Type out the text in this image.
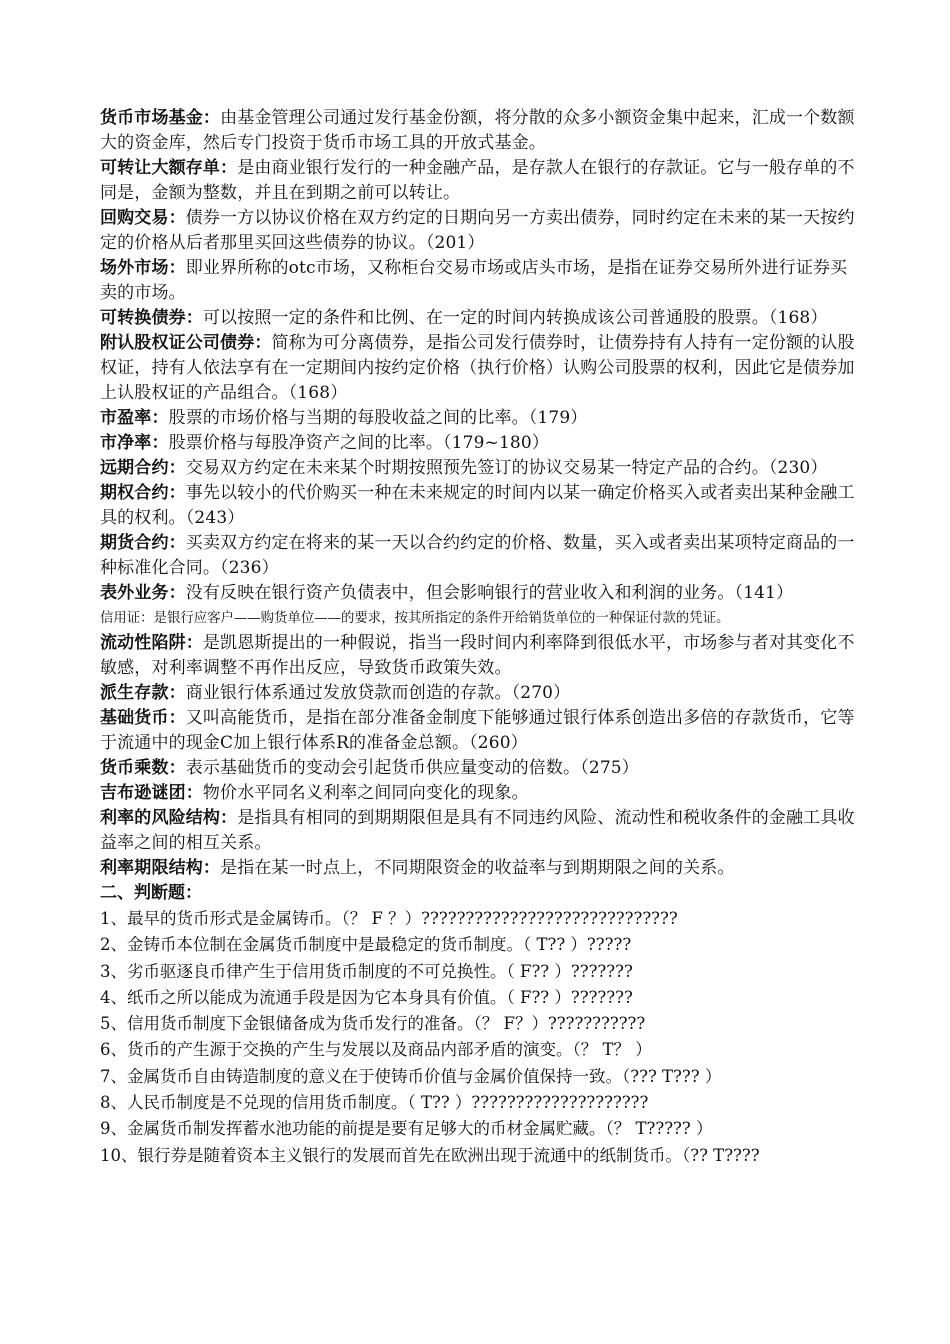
货币市场基金：由基金管理公司通过发行基金份额，将分散的众多小额资金集中起来，汇成一个数额大的资金库，然后专门投资于货币市场工具的开放式基金。

可转让大额存单：是由商业银行发行的一种金融产品，是存款人在银行的存款证。它与一般存单的不同是，金额为整数，并且在到期之前可以转让。

回购交易：债券一方以协议价格在双方约定的日期向另一方卖出债券，同时约定在未来的某一天按约定的价格从后者那里买回这些债券的协议。（201）

场外市场：即业界所称的otc市场，又称柜台交易市场或店头市场，是指在证券交易所外进行证券买卖的市场。

可转换债券：可以按照一定的条件和比例、在一定的时间内转换成该公司普通股的股票。（168）

附认股权证公司债券：简称为可分离债券，是指公司发行债券时，让债券持有人持有一定份额的认股权证，持有人依法享有在一定期间内按约定价格（执行价格）认购公司股票的权利，因此它是债券加上认股权证的产品组合。（168）

市盈率：股票的市场价格与当期的每股收益之间的比率。（179）

市净率：股票价格与每股净资产之间的比率。（179~180）

远期合约：交易双方约定在未来某个时期按照预先签订的协议交易某一特定产品的合约。（230）

期权合约：事先以较小的代价购买一种在未来规定的时间内以某一确定价格买入或者卖出某种金融工具的权利。（243）

期货合约：买卖双方约定在将来的某一天以合约约定的价格、数量，买入或者卖出某项特定商品的一种标准化合同。（236）

表外业务：没有反映在银行资产负债表中，但会影响银行的营业收入和利润的业务。（141）

信用证：是银行应客户——购货单位——的要求，按其所指定的条件开给销货单位的一种保证付款的凭证。

流动性陷阱：是凯恩斯提出的一种假说，指当一段时间内利率降到很低水平，市场参与者对其变化不敏感，对利率调整不再作出反应，导致货币政策失效。

派生存款：商业银行体系通过发放贷款而创造的存款。（270）

基础货币：又叫高能货币，是指在部分准备金制度下能够通过银行体系创造出多倍的存款货币，它等于流通中的现金C加上银行体系R的准备金总额。（260）

货币乘数：表示基础货币的变动会引起货币供应量变动的倍数。（275）

吉布逊谜团：物价水平同名义利率之间同向变化的现象。

利率的风险结构：是指具有相同的到期期限但是具有不同违约风险、流动性和税收条件的金融工具收益率之间的相互关系。

利率期限结构：是指在某一时点上，不同期限资金的收益率与到期期限之间的关系。

二、判断题：

1、最早的货币形式是金属铸币。（？ F ？）?????????????????????????????

2、金铸币本位制在金属货币制度中是最稳定的货币制度。（ T?? ）?????

3、劣币驱逐良币律产生于信用货币制度的不可兑换性。（ F?? ）???????

4、纸币之所以能成为流通手段是因为它本身具有价值。（ F?? ）???????

5、信用货币制度下金银储备成为货币发行的准备。（？ F？）???????????

6、货币的产生源于交换的产生与发展以及商品内部矛盾的演变。（？ T？ ）

7、金属货币自由铸造制度的意义在于使铸币价值与金属价值保持一致。（??? T??? ）

8、人民币制度是不兑现的信用货币制度。（ T?? ）????????????????????

9、金属货币制发挥蓄水池功能的前提是要有足够大的币材金属贮藏。（？ T????? ）

10、银行券是随着资本主义银行的发展而首先在欧洲出现于流通中的纸制货币。（?? T????
